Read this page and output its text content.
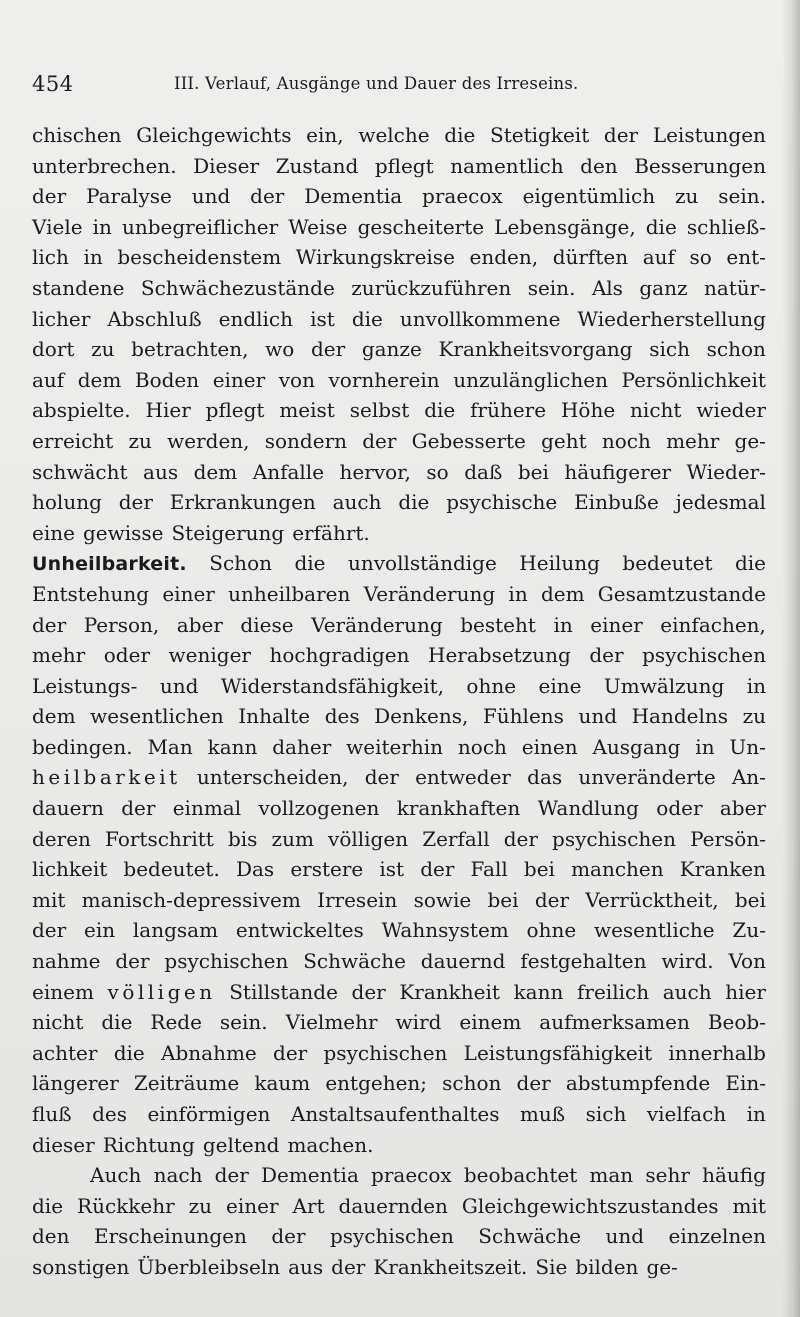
454	III. Verlauf, Ausgänge und Dauer des Irreseins.
chischen Gleichgewichts ein, welche die Stetigkeit der Leistungen
unterbrechen. Dieser Zustand pflegt namentlich den Besserungen
der Paralyse und der Dementia praecox eigentümlich zu sein.
Viele in unbegreiflicher Weise gescheiterte Lebensgänge, die schließ-
lich in bescheidenstem Wirkungskreise enden, dürften auf so ent-
standene Schwächezustände zurückzuführen sein. Als ganz natür-
licher Abschluß endlich ist die unvollkommene Wiederherstellung
dort zu betrachten, wo der ganze Krankheitsvorgang sich schon
auf dem Boden einer von vornherein unzulänglichen Persönlichkeit
abspielte. Hier pflegt meist selbst die frühere Höhe nicht wieder
erreicht zu werden, sondern der Gebesserte geht noch mehr ge-
schwächt aus dem Anfalle hervor, so daß bei häufigerer Wieder-
holung der Erkrankungen auch die psychische Einbuße jedesmal
eine gewisse Steigerung erfährt.
Unheilbarkeit. Schon die unvollständige Heilung bedeutet die
Entstehung einer unheilbaren Veränderung in dem Gesamtzustande
der Person, aber diese Veränderung besteht in einer einfachen,
mehr oder weniger hochgradigen Herabsetzung der psychischen
Leistungs- und Widerstandsfähigkeit, ohne eine Umwälzung in
dem wesentlichen Inhalte des Denkens, Fühlens und Handelns zu
bedingen. Man kann daher weiterhin noch einen Ausgang in Un-
heilbarkeit unterscheiden, der entweder das unveränderte An-
dauern der einmal vollzogenen krankhaften Wandlung oder aber
deren Fortschritt bis zum völligen Zerfall der psychischen Persön-
lichkeit bedeutet. Das erstere ist der Fall bei manchen Kranken
mit manisch-depressivem Irresein sowie bei der Verrücktheit, bei
der ein langsam entwickeltes Wahnsystem ohne wesentliche Zu-
nahme der psychischen Schwäche dauernd festgehalten wird. Von
einem völligen Stillstande der Krankheit kann freilich auch hier
nicht die Rede sein. Vielmehr wird einem aufmerksamen Beob-
achter die Abnahme der psychischen Leistungsfähigkeit innerhalb
längerer Zeiträume kaum entgehen; schon der abstumpfende Ein-
fluß des einförmigen Anstaltsaufenthaltes muß sich vielfach in
dieser Richtung geltend machen.
Auch nach der Dementia praecox beobachtet man sehr häufig
die Rückkehr zu einer Art dauernden Gleichgewichtszustandes mit
den Erscheinungen der psychischen Schwäche und einzelnen
sonstigen Überbleibseln aus der Krankheitszeit. Sie bilden ge-
